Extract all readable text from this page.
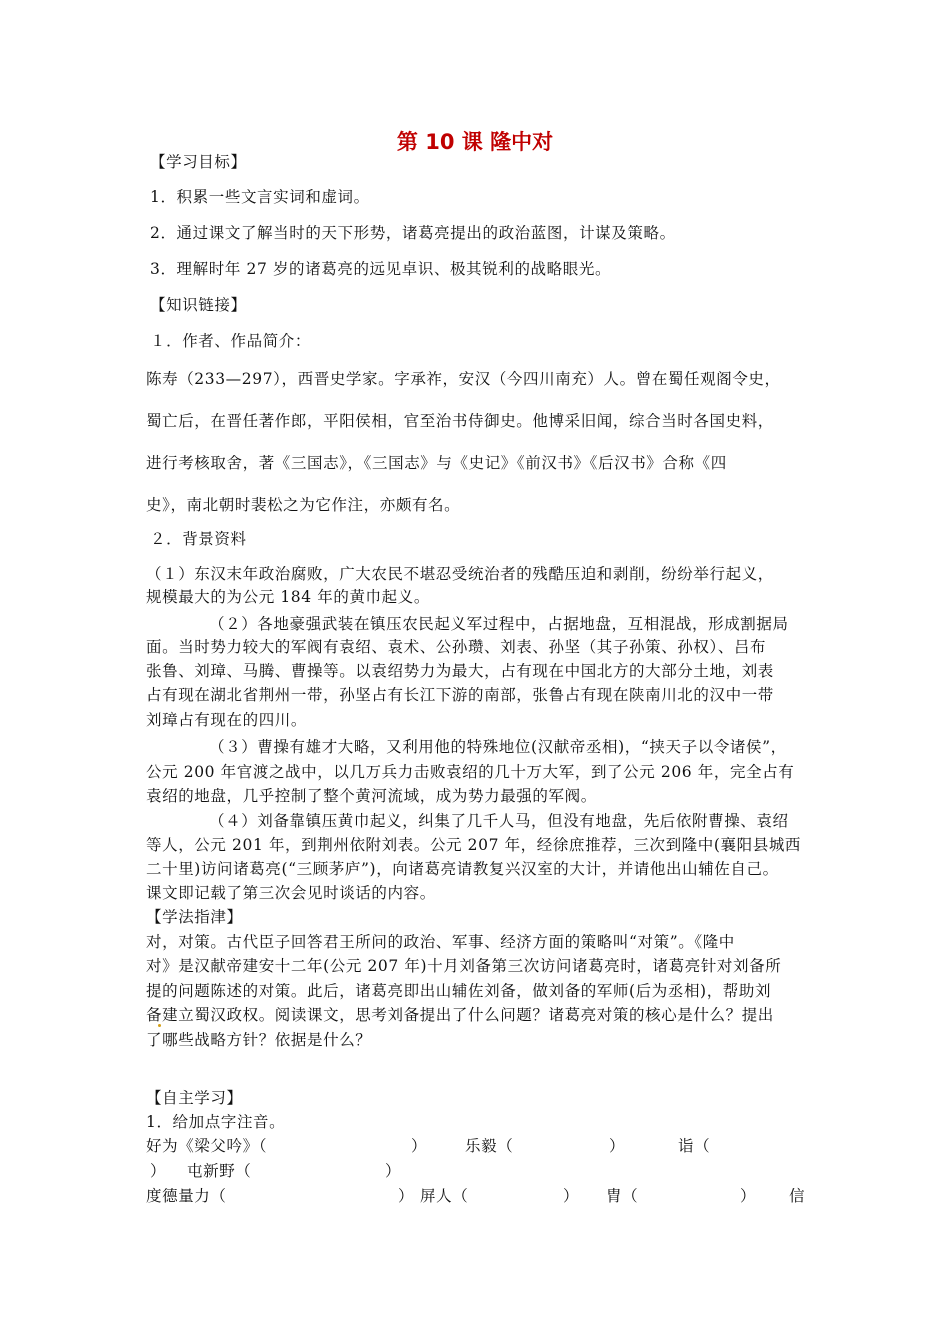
第 10 课 隆中对
【学习目标】
1．积累一些文言实词和虚词。
2．通过课文了解当时的天下形势，诸葛亮提出的政治蓝图，计谋及策略。
3．理解时年 27 岁的诸葛亮的远见卓识、极其锐利的战略眼光。
【知识链接】
１．作者、作品简介：
陈寿（233—297），西晋史学家。字承祚，安汉（今四川南充）人。曾在蜀任观阁令史，
蜀亡后，在晋任著作郎，平阳侯相，官至治书侍御史。他博采旧闻，综合当时各国史料，
进行考核取舍，著《三国志》，《三国志》与《史记》《前汉书》《后汉书》合称《四
史》，南北朝时裴松之为它作注，亦颇有名。
２．背景资料
（１）东汉末年政治腐败，广大农民不堪忍受统治者的残酷压迫和剥削，纷纷举行起义，
规模最大的为公元 184 年的黄巾起义。
（２）各地豪强武装在镇压农民起义军过程中，占据地盘，互相混战，形成割据局
面。当时势力较大的军阀有袁绍、袁术、公孙瓒、刘表、孙坚（其子孙策、孙权）、吕布
张鲁、刘璋、马腾、曹操等。以袁绍势力为最大，占有现在中国北方的大部分土地，刘表
占有现在湖北省荆州一带，孙坚占有长江下游的南部，张鲁占有现在陕南川北的汉中一带
刘璋占有现在的四川。
（３）曹操有雄才大略，又利用他的特殊地位(汉献帝丞相)，“挟天子以令诸侯”，
公元 200 年官渡之战中，以几万兵力击败袁绍的几十万大军，到了公元 206 年，完全占有
袁绍的地盘，几乎控制了整个黄河流域，成为势力最强的军阀。
（４）刘备靠镇压黄巾起义，纠集了几千人马，但没有地盘，先后依附曹操、袁绍
等人，公元 201 年，到荆州依附刘表。公元 207 年，经徐庶推荐，三次到隆中(襄阳县城西
二十里)访问诸葛亮(“三顾茅庐”)，向诸葛亮请教复兴汉室的大计，并请他出山辅佐自己。
课文即记载了第三次会见时谈话的内容。
【学法指津】
对，对策。古代臣子回答君王所问的政治、军事、经济方面的策略叫“对策”。《隆中
对》是汉献帝建安十二年(公元 207 年)十月刘备第三次访问诸葛亮时，诸葛亮针对刘备所
提的问题陈述的对策。此后，诸葛亮即出山辅佐刘备，做刘备的军师(后为丞相)，帮助刘
备建立蜀汉政权。阅读课文，思考刘备提出了什么问题？诸葛亮对策的核心是什么？提出
了哪些战略方针？依据是什么？
【自主学习】
1．给加点字注音。
好为《梁父吟》（	） 乐毅（	）	诣（
） 屯新野（	）
度德量力（	） 屏人（	） 胄（	） 信
